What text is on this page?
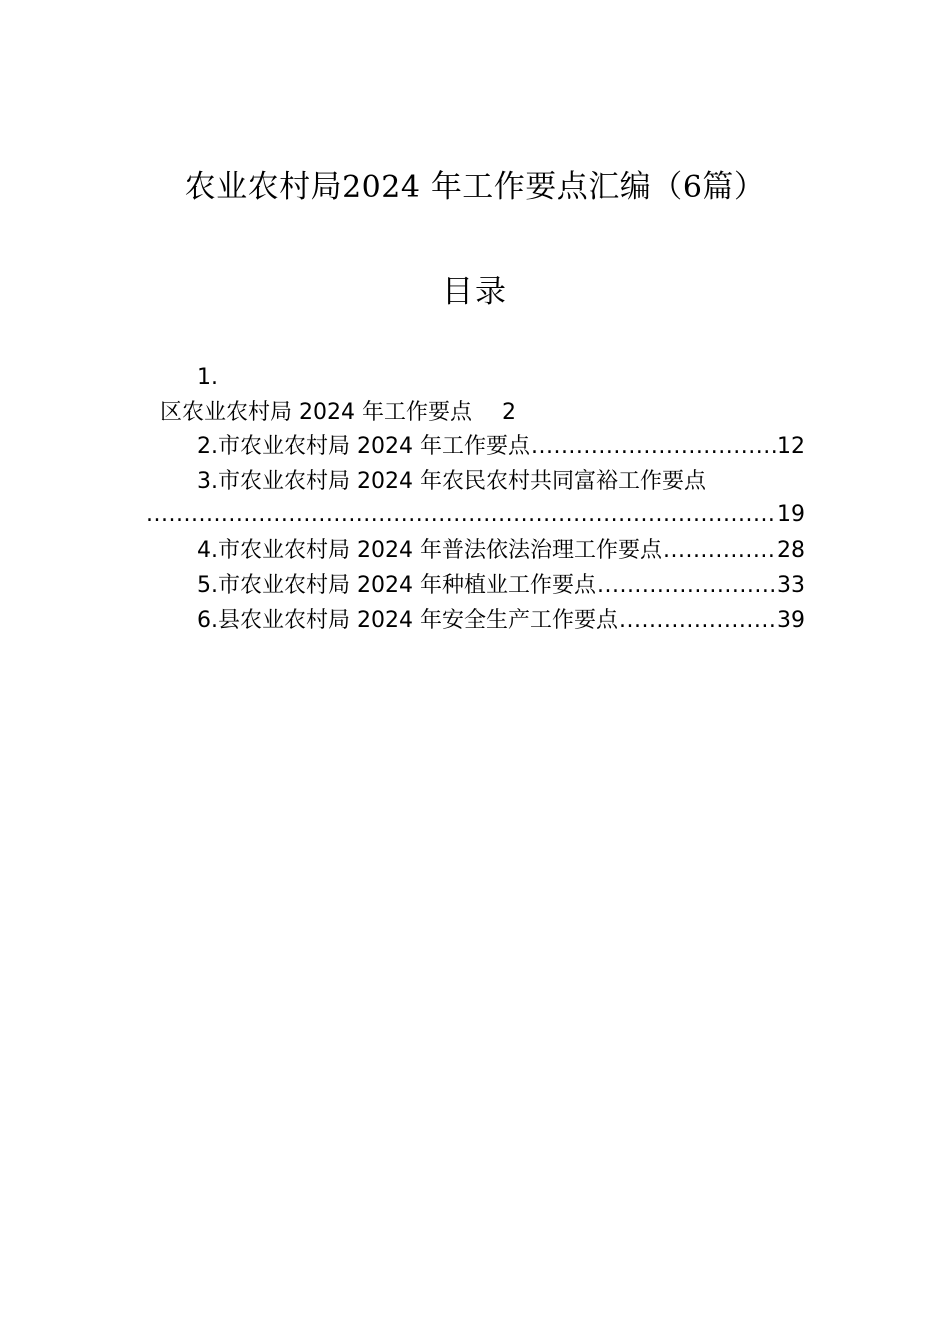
农业农村局2024 年工作要点汇编（6篇）
目录
1.
区农业农村局 2024 年工作要点 2
2.市农业农村局 2024 年工作要点 .....	12
3.市农业农村局 2024 年农民农村共同富裕工作要点
.....
19
4.市农业农村局 2024 年普法依法治理工作要点 .....	28
5.市农业农村局 2024 年种植业工作要点 .....	33
6.县农业农村局 2024 年安全生产工作要点 .....	39
